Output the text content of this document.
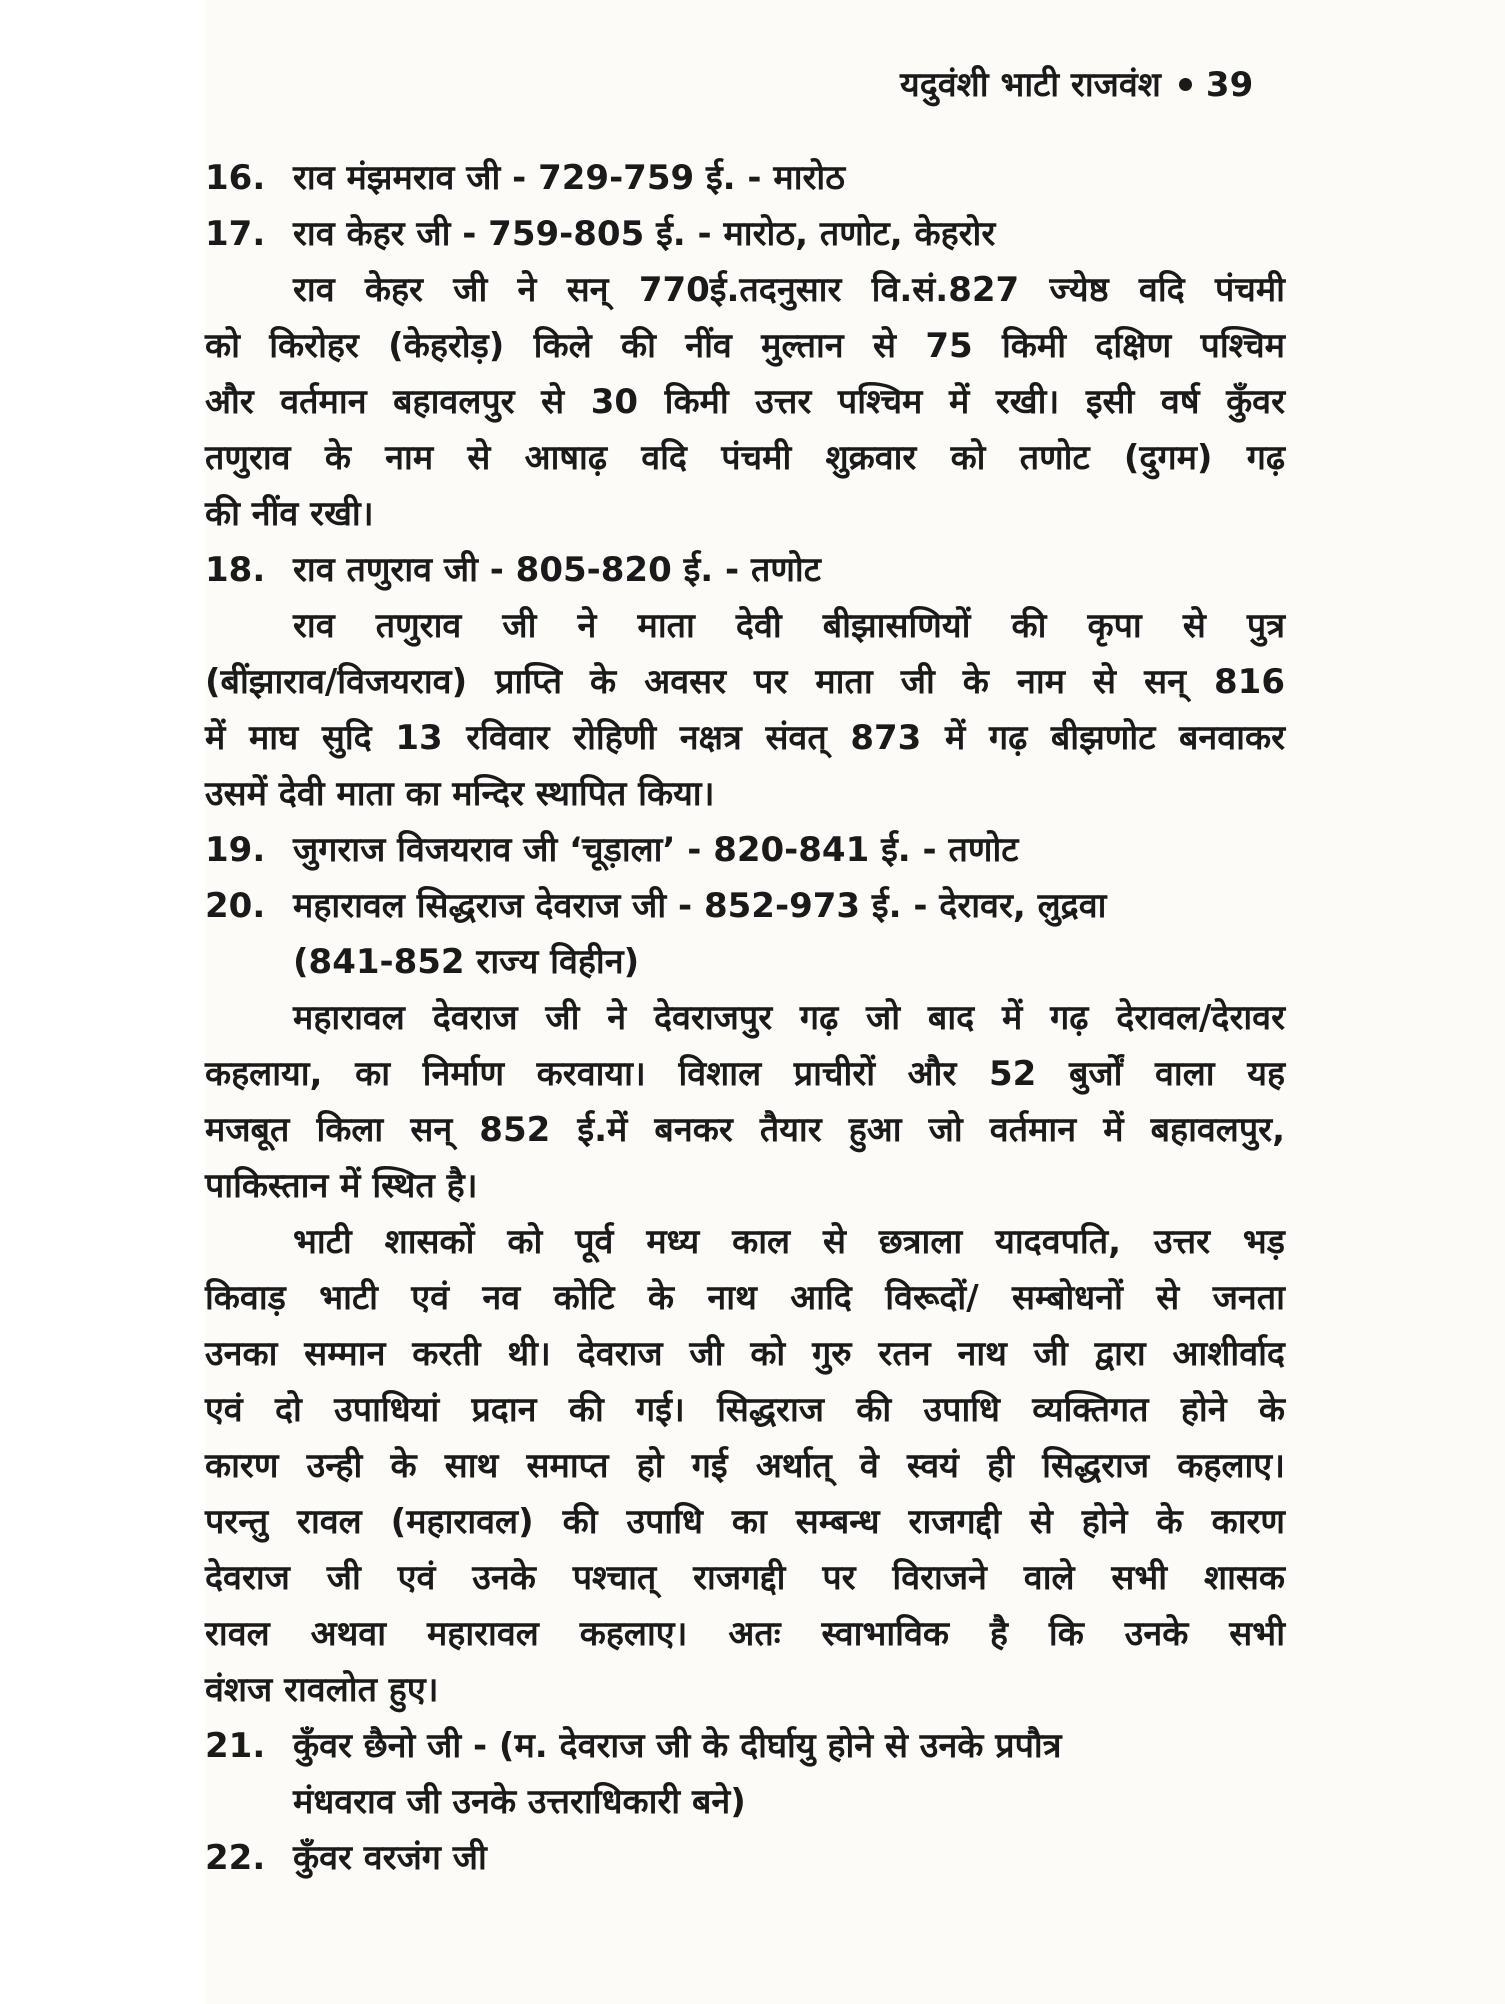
यदुवंशी भाटी राजवंश 39
16. राव मंझमराव जी - 729-759 ई. - मारोठ
17. राव केहर जी - 759-805 ई. - मारोठ, तणोट, केहरोर
राव केहर जी ने सन् 770ई.तदनुसार वि.सं.827 ज्येष्ठ वदि पंचमी
को किरोहर (केहरोड़) किले की नींव मुल्तान से 75 किमी दक्षिण पश्चिम
और वर्तमान बहावलपुर से 30 किमी उत्तर पश्चिम में रखी। इसी वर्ष कुँवर
तणुराव के नाम से आषाढ़ वदि पंचमी शुक्रवार को तणोट (दुगम) गढ़
की नींव रखी।
18. राव तणुराव जी - 805-820 ई. - तणोट
राव तणुराव जी ने माता देवी बीझासणियों की कृपा से पुत्र
(बींझाराव/विजयराव) प्राप्ति के अवसर पर माता जी के नाम से सन् 816
में माघ सुदि 13 रविवार रोहिणी नक्षत्र संवत् 873 में गढ़ बीझणोट बनवाकर
उसमें देवी माता का मन्दिर स्थापित किया।
19. जुगराज विजयराव जी ‘चूड़ाला’ - 820-841 ई. - तणोट
20. महारावल सिद्धराज देवराज जी - 852-973 ई. - देरावर, लुद्रवा
(841-852 राज्य विहीन)
महारावल देवराज जी ने देवराजपुर गढ़ जो बाद में गढ़ देरावल/देरावर
कहलाया, का निर्माण करवाया। विशाल प्राचीरों और 52 बुर्जों वाला यह
मजबूत किला सन् 852 ई.में बनकर तैयार हुआ जो वर्तमान में बहावलपुर,
पाकिस्तान में स्थित है।
भाटी शासकों को पूर्व मध्य काल से छत्राला यादवपति, उत्तर भड़
किवाड़ भाटी एवं नव कोटि के नाथ आदि विरूदों/ सम्बोधनों से जनता
उनका सम्मान करती थी। देवराज जी को गुरु रतन नाथ जी द्वारा आशीर्वाद
एवं दो उपाधियां प्रदान की गई। सिद्धराज की उपाधि व्यक्तिगत होने के
कारण उन्ही के साथ समाप्त हो गई अर्थात् वे स्वयं ही सिद्धराज कहलाए।
परन्तु रावल (महारावल) की उपाधि का सम्बन्ध राजगद्दी से होने के कारण
देवराज जी एवं उनके पश्चात् राजगद्दी पर विराजने वाले सभी शासक
रावल अथवा महारावल कहलाए। अतः स्वाभाविक है कि उनके सभी
वंशज रावलोत हुए।
21. कुँवर छैनो जी - (म. देवराज जी के दीर्घायु होने से उनके प्रपौत्र
मंधवराव जी उनके उत्तराधिकारी बने)
22. कुँवर वरजंग जी
